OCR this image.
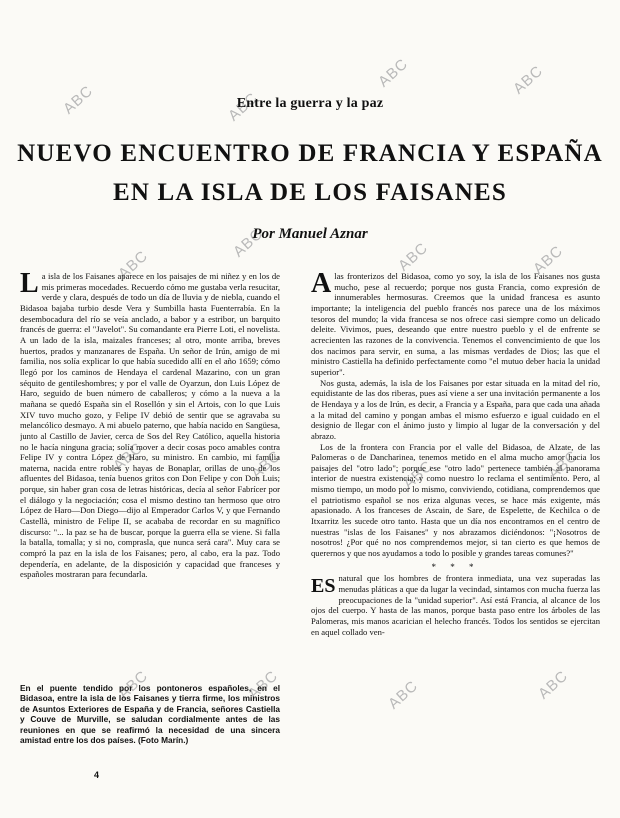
ABC	ABC
ABC	ABC
ABC
ABC	ABC	ABC
ABC	ABC	ABC	ABC
ABC	ABC	ABC	ABC
Entre la guerra y la paz
NUEVO ENCUENTRO DE FRANCIA Y ESPAÑA
EN LA ISLA DE LOS FAISANES
Por Manuel Aznar

La isla de los Faisanes aparece en los paisajes de mi niñez y en los de mis primeras mocedades. Recuerdo cómo me gustaba verla resucitar, verde y clara, después de todo un día de lluvia y de niebla, cuando el Bidasoa bajaba turbio desde Vera y Sumbilla hasta Fuenterrabía. En la desembocadura del río se veía anclado, a babor y a estribor, un barquito francés de guerra: el "Javelot". Su comandante era Pierre Loti, el novelista. A un lado de la isla, maizales franceses; al otro, monte arriba, breves huertos, prados y manzanares de España. Un señor de Irún, amigo de mi familia, nos solía explicar lo que había sucedido allí en el año 1659; cómo llegó por los caminos de Hendaya el cardenal Mazarino, con un gran séquito de gentileshombres; y por el valle de Oyarzun, don Luis López de Haro, seguido de buen número de caballeros; y cómo a la nueva a la mañana se quedó España sin el Rosellón y sin el Artois, con lo que Luis XIV tuvo mucho gozo, y Felipe IV debió de sentir que se agravaba su melancólico desmayo. A mi abuelo paterno, que había nacido en Sangüesa, junto al Castillo de Javier, cerca de Sos del Rey Católico, aquella historia no le hacía ninguna gracia; solía mover a decir cosas poco amables contra Felipe IV y contra López de Haro, su ministro. En cambio, mi familia materna, nacida entre robles y hayas de Bonaplar, orillas de uno de los afluentes del Bidasoa, tenía buenos gritos con Don Felipe y con Don Luis; porque, sin haber gran cosa de letras históricas, decía al señor Fabrícer por el diálogo y la negociación; cosa el mismo destino tan hermoso que otro López de Haro—Don Diego—dijo al Emperador Carlos V, y que Fernando Castellà, ministro de Felipe II, se acababa de recordar en su magnífico discurso: "... la paz se ha de buscar, porque la guerra ella se viene. Si falla la batalla, tomalla; y si no, comprasla, que nunca será cara". Muy cara se compró la paz en la isla de los Faisanes; pero, al cabo, era la paz. Todo dependería, en adelante, de la disposición y capacidad que franceses y españoles mostraran para fecundarla.

En el puente tendido por los pontoneros españoles, en el Bidasoa, entre la isla de los Faisanes y tierra firme, los ministros de Asuntos Exteriores de España y de Francia, señores Castiella y Couve de Murville, se saludan cordialmente antes de las reuniones en que se reafirmó la necesidad de una sincera amistad entre los dos países. (Foto Marín.)

Alas fronterizos del Bidasoa, como yo soy, la isla de los Faisanes nos gusta mucho, pese al recuerdo; porque nos gusta Francia, como expresión de innumerables hermosuras. Creemos que la unidad francesa es asunto importante; la inteligencia del pueblo francés nos parece una de los máximos tesoros del mundo; la vida francesa se nos ofrece casi siempre como un delicado deleite. Vivimos, pues, deseando que entre nuestro pueblo y el de enfrente se acrecienten las razones de la convivencia. Tenemos el convencimiento de que los dos nacimos para servir, en suma, a las mismas verdades de Dios; las que el ministro Castiella ha definido perfectamente como "el mutuo deber hacia la unidad superior".

Nos gusta, además, la isla de los Faisanes por estar situada en la mitad del río, equidistante de las dos riberas, pues así viene a ser una invitación permanente a los de Hendaya y a los de Irún, es decir, a Francia y a España, para que cada una añada a la mitad del camino y pongan ambas el mismo esfuerzo e igual cuidado en el designio de llegar con el ánimo justo y limpio al lugar de la conversación y del abrazo.

Los de la frontera con Francia por el valle del Bidasoa, de Alzate, de las Palomeras o de Dancharinea, tenemos metido en el alma mucho amor hacia los paisajes del "otro lado"; porque ese "otro lado" pertenece también al panorama interior de nuestra existencia; y como nuestro lo reclama el sentimiento. Pero, al mismo tiempo, un modo por lo mismo, conviviendo, cotidiana, comprendemos que el patriotismo español se nos eriza algunas veces, se hace más exigente, más apasionado. A los franceses de Ascain, de Sare, de Espelette, de Kechilca o de Itxarritz les sucede otro tanto. Hasta que un día nos encontramos en el centro de nuestras "islas de los Faisanes" y nos abrazamos diciéndonos: "¡Nosotros de nosotros! ¿Por qué no nos comprendemos mejor, si tan cierto es que hemos de querernos y que nos ayudamos a todo lo posible y grandes tareas comunes?"

* * *

ES natural que los hombres de frontera inmediata, una vez superadas las menudas pláticas a que da lugar la vecindad, sintamos con mucha fuerza las preocupaciones de la "unidad superior". Así está Francia, al alcance de los ojos del cuerpo. Y hasta de las manos, porque basta paso entre los árboles de las Palomeras, mis manos acarician el helecho francés. Todos los sentidos se ejercitan en aquel collado ven-

4
